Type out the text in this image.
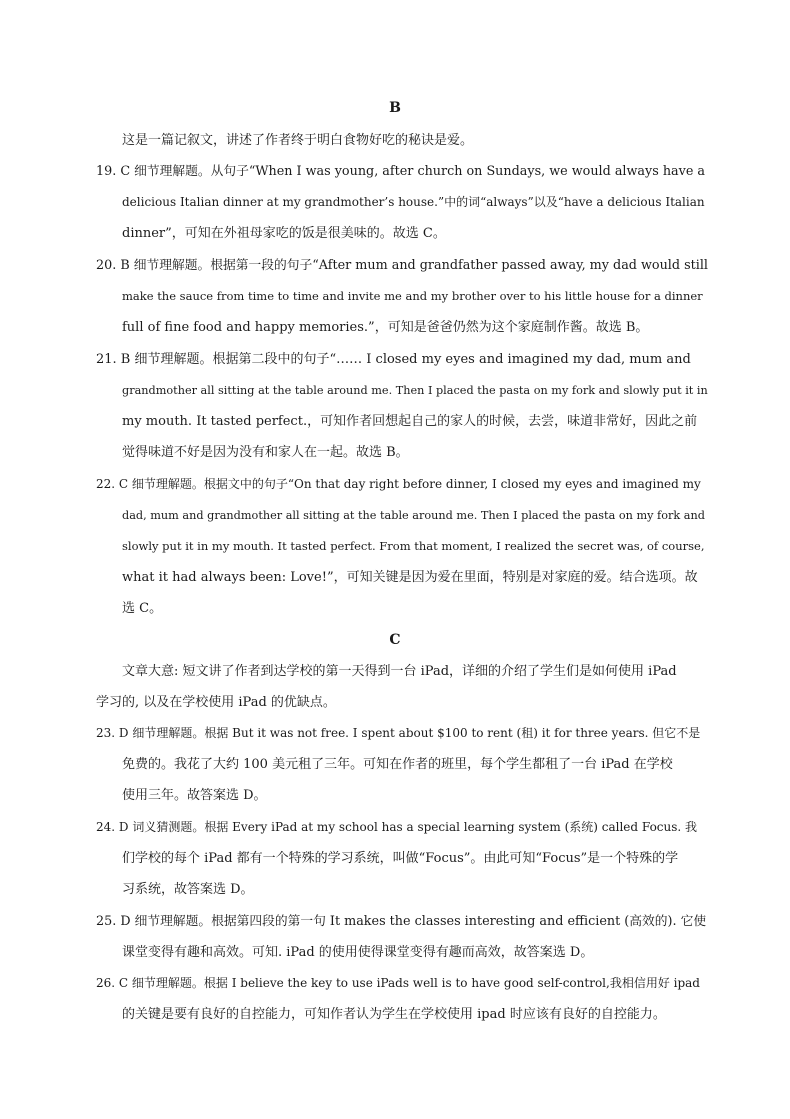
B
这是一篇记叙文，讲述了作者终于明白食物好吃的秘诀是爱。
19. C 细节理解题。从句子“When I was young, after church on Sundays, we would always have a
delicious Italian dinner at my grandmother’s house.”中的词“always”以及“have a delicious Italian
dinner”，可知在外祖母家吃的饭是很美味的。故选 C。
20. B 细节理解题。根据第一段的句子“After mum and grandfather passed away, my dad would still
make the sauce from time to time and invite me and my brother over to his little house for a dinner
full of fine food and happy memories.”，可知是爸爸仍然为这个家庭制作酱。故选 B。
21. B 细节理解题。根据第二段中的句子“…… I closed my eyes and imagined my dad, mum and
grandmother all sitting at the table around me. Then I placed the pasta on my fork and slowly put it in
my mouth. It tasted perfect.，可知作者回想起自己的家人的时候，去尝，味道非常好，因此之前
觉得味道不好是因为没有和家人在一起。故选 B。
22. C 细节理解题。根据文中的句子“On that day right before dinner, I closed my eyes and imagined my
dad, mum and grandmother all sitting at the table around me. Then I placed the pasta on my fork and
slowly put it in my mouth. It tasted perfect. From that moment, I realized the secret was, of course,
what it had always been: Love!”，可知关键是因为爱在里面，特别是对家庭的爱。结合选项。故
选 C。
C
文章大意: 短文讲了作者到达学校的第一天得到一台 iPad，详细的介绍了学生们是如何使用 iPad
学习的, 以及在学校使用 iPad 的优缺点。
23. D 细节理解题。根据 But it was not free. I spent about $100 to rent (租) it for three years. 但它不是
免费的。我花了大约 100 美元租了三年。可知在作者的班里，每个学生都租了一台 iPad 在学校
使用三年。故答案选 D。
24. D 词义猜测题。根据 Every iPad at my school has a special learning system (系统) called Focus. 我
们学校的每个 iPad 都有一个特殊的学习系统，叫做“Focus”。由此可知“Focus”是一个特殊的学
习系统，故答案选 D。
25. D 细节理解题。根据第四段的第一句 It makes the classes interesting and efficient (高效的). 它使
课堂变得有趣和高效。可知. iPad 的使用使得课堂变得有趣而高效，故答案选 D。
26. C 细节理解题。根据 I believe the key to use iPads well is to have good self-control,我相信用好 ipad
的关键是要有良好的自控能力，可知作者认为学生在学校使用 ipad 时应该有良好的自控能力。
